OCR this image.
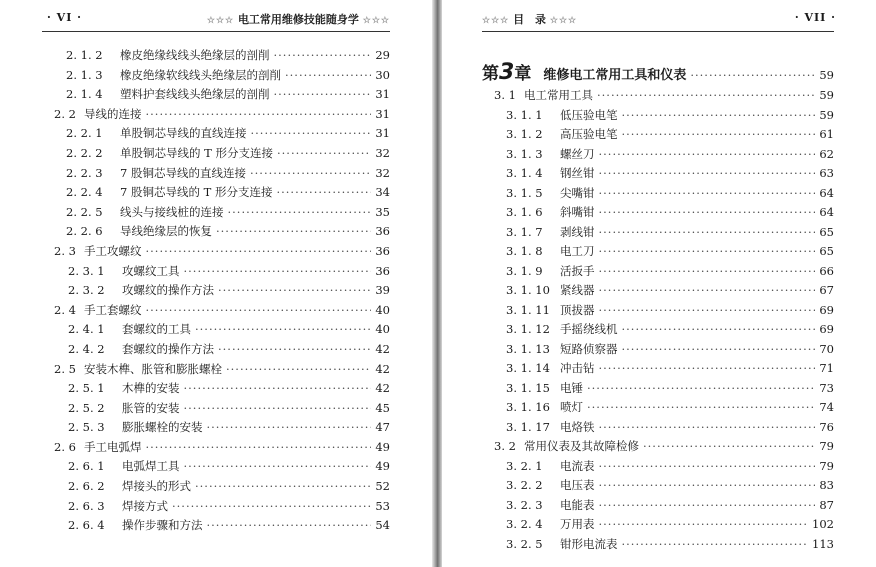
· VI ·	☆☆☆ 电工常用维修技能随身学 ☆☆☆
2. 1. 2	橡皮绝缘线线头绝缘层的剖削 ·····	29
2. 1. 3	橡皮绝缘软线线头绝缘层的剖削 ·····	30
2. 1. 4	塑料护套线线头绝缘层的剖削 ·····	31
2. 2 导线的连接 ·····	31
2. 2. 1	单股铜芯导线的直线连接 ·····	31
2. 2. 2	单股铜芯导线的 T 形分支连接 ·····	32
2. 2. 3	7 股铜芯导线的直线连接 ·····	32
2. 2. 4	7 股铜芯导线的 T 形分支连接 ·····	34
2. 2. 5	线头与接线桩的连接 ·····	35
2. 2. 6	导线绝缘层的恢复 ·····	36
2. 3 手工攻螺纹 ·····	36
2. 3. 1	攻螺纹工具 ·····	36
2. 3. 2	攻螺纹的操作方法 ·····	39
2. 4 手工套螺纹 ·····	40
2. 4. 1	套螺纹的工具 ·····	40
2. 4. 2	套螺纹的操作方法 ·····	42
2. 5 安装木榫、胀管和膨胀螺栓 ·····	42
2. 5. 1	木榫的安装 ·····	42
2. 5. 2	胀管的安装 ·····	45
2. 5. 3	膨胀螺栓的安装 ·····	47
2. 6 手工电弧焊 ·····	49
2. 6. 1	电弧焊工具 ·····	49
2. 6. 2	焊接头的形式 ·····	52
2. 6. 3	焊接方式 ·····	53
2. 6. 4	操作步骤和方法 ·····	54
☆☆☆ 目　录 ☆☆☆	· VII ·
第3章 维修电工常用工具和仪表 ·····	59
3. 1 电工常用工具 ·····	59
3. 1. 1	低压验电笔 ·····	59
3. 1. 2	高压验电笔 ·····	61
3. 1. 3	螺丝刀 ·····	62
3. 1. 4	钢丝钳 ·····	63
3. 1. 5	尖嘴钳 ·····	64
3. 1. 6	斜嘴钳 ·····	64
3. 1. 7	剥线钳 ·····	65
3. 1. 8	电工刀 ·····	65
3. 1. 9	活扳手 ·····	66
3. 1. 10 紧线器 ·····	67
3. 1. 11 顶拔器 ·····	69
3. 1. 12 手摇绕线机 ·····	69
3. 1. 13 短路侦察器 ·····	70
3. 1. 14 冲击钻 ·····	71
3. 1. 15 电锤 ·····	73
3. 1. 16 喷灯 ·····	74
3. 1. 17 电烙铁 ·····	76
3. 2 常用仪表及其故障检修 ·····	79
3. 2. 1	电流表 ·····	79
3. 2. 2	电压表 ·····	83
3. 2. 3	电能表 ·····	87
3. 2. 4	万用表 ·····	102
3. 2. 5	钳形电流表 ·····	113
